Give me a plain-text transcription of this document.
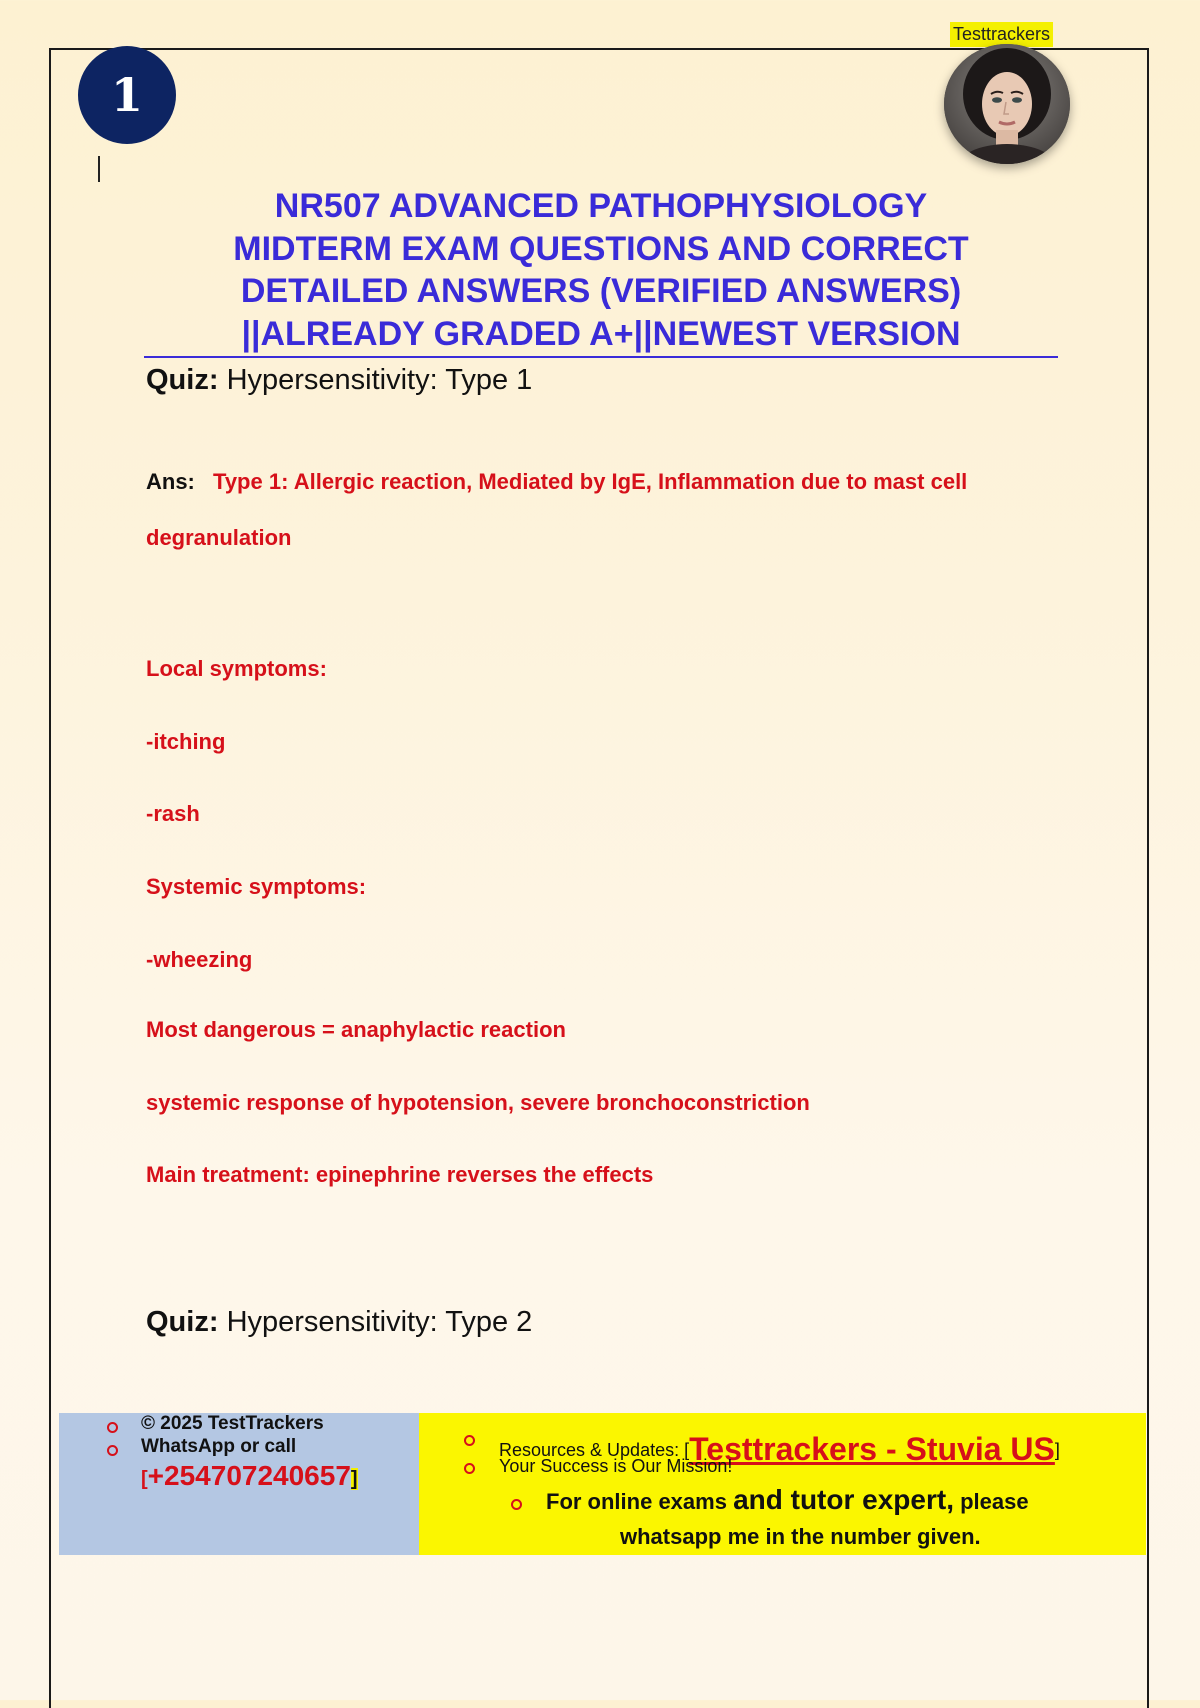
Testtrackers
1
NR507 ADVANCED PATHOPHYSIOLOGY
MIDTERM EXAM QUESTIONS AND CORRECT
DETAILED ANSWERS (VERIFIED ANSWERS)
||ALREADY GRADED A+||NEWEST VERSION
Quiz: Hypersensitivity: Type 1
Ans: Type 1: Allergic reaction, Mediated by IgE, Inflammation due to mast cell degranulation
Local symptoms:
-itching
-rash
Systemic symptoms:
-wheezing
Most dangerous = anaphylactic reaction
systemic response of hypotension, severe bronchoconstriction
Main treatment: epinephrine reverses the effects
Quiz: Hypersensitivity: Type 2
© 2025 TestTrackers
WhatsApp or call
[+254707240657]
Resources & Updates: [Testtrackers - Stuvia US]
Your Success is Our Mission!
For online exams and tutor expert, please
whatsapp me in the number given.
